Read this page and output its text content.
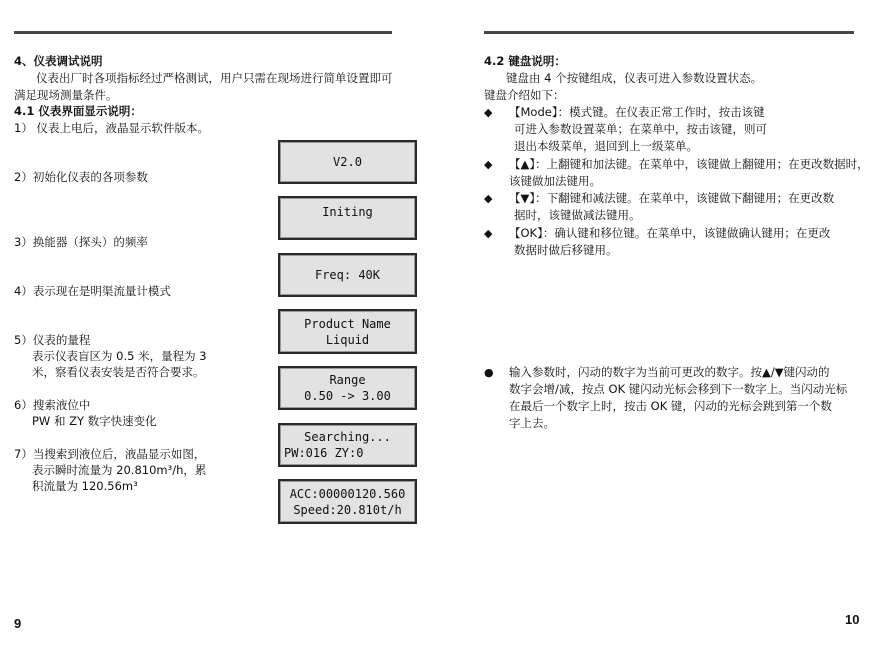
4、仪表调试说明
仪表出厂时各项指标经过严格测试，用户只需在现场进行简单设置即可
满足现场测量条件。
4.1 仪表界面显示说明：
1） 仪表上电后，液晶显示软件版本。
2）初始化仪表的各项参数
3）换能器（探头）的频率
4）表示现在是明渠流量计模式
5）仪表的量程
表示仪表盲区为 0.5 米，量程为 3
米，察看仪表安装是否符合要求。
6）搜索液位中
PW 和 ZY 数字快速变化
7）当搜索到液位后，液晶显示如图，
表示瞬时流量为 20.810m³/h，累
积流量为 120.56m³
9
V2.0
Initing
Freq: 40K
Product Name
Liquid
Range
0.50 -> 3.00
Searching...
PW:016 ZY:0
ACC:00000120.560
Speed:20.810t/h
4.2 键盘说明：
键盘由 4 个按键组成，仪表可进入参数设置状态。
键盘介绍如下：
◆ 【Mode】：模式键。在仪表正常工作时，按击该键
可进入参数设置菜单；在菜单中，按击该键，则可
退出本级菜单，退回到上一级菜单。
◆ 【▲】：上翻键和加法键。在菜单中，该键做上翻键用；在更改数据时，
该键做加法键用。
◆ 【▼】：下翻键和减法键。在菜单中，该键做下翻键用；在更改数
据时，该键做减法键用。
◆ 【OK】：确认键和移位键。在菜单中，该键做确认键用；在更改
数据时做后移键用。
● 输入参数时，闪动的数字为当前可更改的数字。按▲/▼键闪动的
数字会增/减，按点 OK 键闪动光标会移到下一数字上。当闪动光标
在最后一个数字上时，按击 OK 键，闪动的光标会跳到第一个数
字上去。
10
